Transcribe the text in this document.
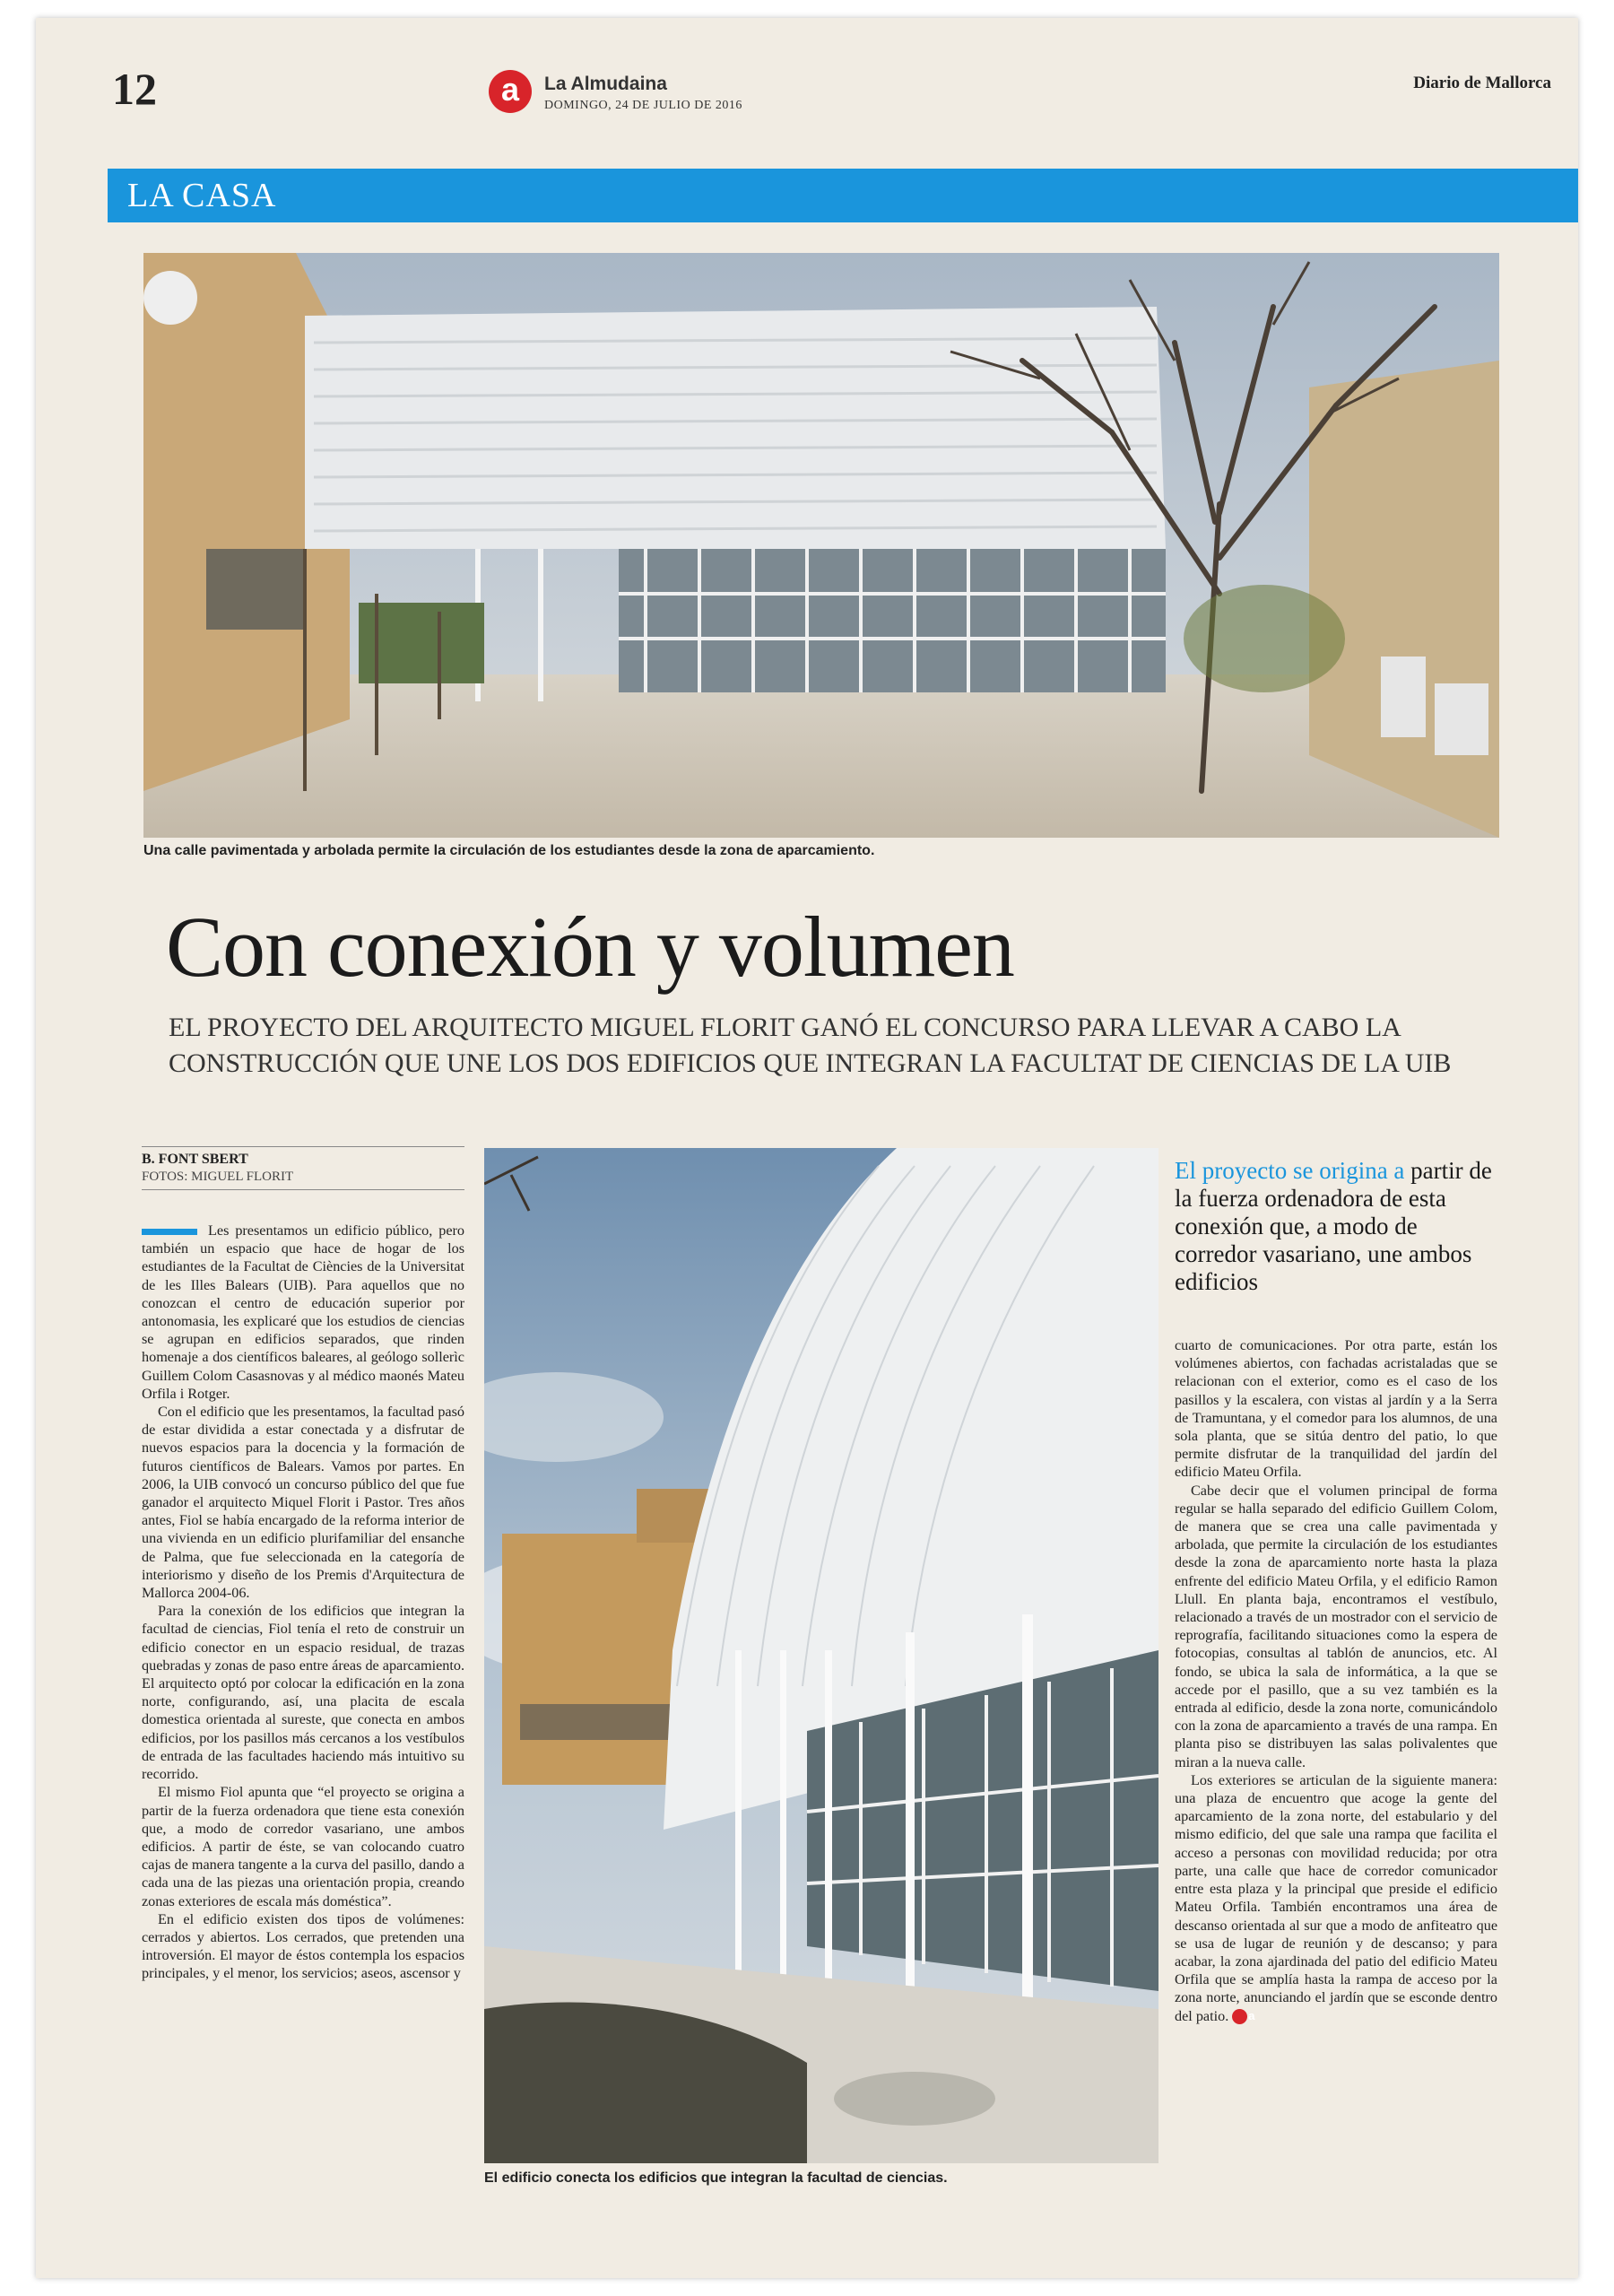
12	a	La Almudaina
DOMINGO, 24 DE JULIO DE 2016
Diario de Mallorca
LA CASA
Una calle pavimentada y arbolada permite la circulación de los estudiantes desde la zona de aparcamiento.
Con conexión y volumen
EL PROYECTO DEL ARQUITECTO MIGUEL FLORIT GANÓ EL CONCURSO PARA LLEVAR A CABO LA CONSTRUCCIÓN QUE UNE LOS DOS EDIFICIOS QUE INTEGRAN LA FACULTAT DE CIENCIAS DE LA UIB
B. FONT SBERT
FOTOS: MIGUEL FLORIT

Les presentamos un edificio público, pero también un espacio que hace de hogar de los estudiantes de la Facultat de Ciències de la Universitat de les Illes Balears (UIB). Para aquellos que no conozcan el centro de educación superior por antonomasia, les explicaré que los estudios de ciencias se agrupan en edificios separados, que rinden homenaje a dos científicos baleares, al geólogo sollerìc Guillem Colom Casasnovas y al médico maonés Mateu Orfila i Rotger.

Con el edificio que les presentamos, la facultad pasó de estar dividida a estar conectada y a disfrutar de nuevos espacios para la docencia y la formación de futuros científicos de Balears. Vamos por partes. En 2006, la UIB convocó un concurso público del que fue ganador el arquitecto Miquel Florit i Pastor. Tres años antes, Fiol se había encargado de la reforma interior de una vivienda en un edificio plurifamiliar del ensanche de Palma, que fue seleccionada en la categoría de interiorismo y diseño de los Premis d'Arquitectura de Mallorca 2004-06.

Para la conexión de los edificios que integran la facultad de ciencias, Fiol tenía el reto de construir un edificio conector en un espacio residual, de trazas quebradas y zonas de paso entre áreas de aparcamiento. El arquitecto optó por colocar la edificación en la zona norte, configurando, así, una placita de escala domestica orientada al sureste, que conecta en ambos edificios, por los pasillos más cercanos a los vestíbulos de entrada de las facultades haciendo más intuitivo su recorrido.

El mismo Fiol apunta que “el proyecto se origina a partir de la fuerza ordenadora que tiene esta conexión que, a modo de corredor vasariano, une ambos edificios. A partir de éste, se van colocando cuatro cajas de manera tangente a la curva del pasillo, dando a cada una de las piezas una orientación propia, creando zonas exteriores de escala más doméstica”.

En el edificio existen dos tipos de volúmenes: cerrados y abiertos. Los cerrados, que pretenden una introversión. El mayor de éstos contempla los espacios principales, y el menor, los servicios; aseos, ascensor y

El edificio conecta los edificios que integran la facultad de ciencias.
El proyecto se origina a partir de la fuerza ordenadora de esta conexión que, a modo de corredor vasariano, une ambos edificios

cuarto de comunicaciones. Por otra parte, están los volúmenes abiertos, con fachadas acristaladas que se relacionan con el exterior, como es el caso de los pasillos y la escalera, con vistas al jardín y a la Serra de Tramuntana, y el comedor para los alumnos, de una sola planta, que se sitúa dentro del patio, lo que permite disfrutar de la tranquilidad del jardín del edificio Mateu Orfila.

Cabe decir que el volumen principal de forma regular se halla separado del edificio Guillem Colom, de manera que se crea una calle pavimentada y arbolada, que permite la circulación de los estudiantes desde la zona de aparcamiento norte hasta la plaza enfrente del edificio Mateu Orfila, y el edificio Ramon Llull. En planta baja, encontramos el vestíbulo, relacionado a través de un mostrador con el servicio de reprografía, facilitando situaciones como la espera de fotocopias, consultas al tablón de anuncios, etc. Al fondo, se ubica la sala de informática, a la que se accede por el pasillo, que a su vez también es la entrada al edificio, desde la zona norte, comunicándolo con la zona de aparcamiento a través de una rampa. En planta piso se distribuyen las salas polivalentes que miran a la nueva calle.

Los exteriores se articulan de la siguiente manera: una plaza de encuentro que acoge la gente del aparcamiento de la zona norte, del estabulario y del mismo edificio, del que sale una rampa que facilita el acceso a personas con movilidad reducida; por otra parte, una calle que hace de corredor comunicador entre esta plaza y la principal que preside el edificio Mateu Orfila. También encontramos una área de descanso orientada al sur que a modo de anfiteatro que se usa de lugar de reunión y de descanso; y para acabar, la zona ajardinada del patio del edificio Mateu Orfila que se amplía hasta la rampa de acceso por la zona norte, anunciando el jardín que se esconde dentro del patio. a
